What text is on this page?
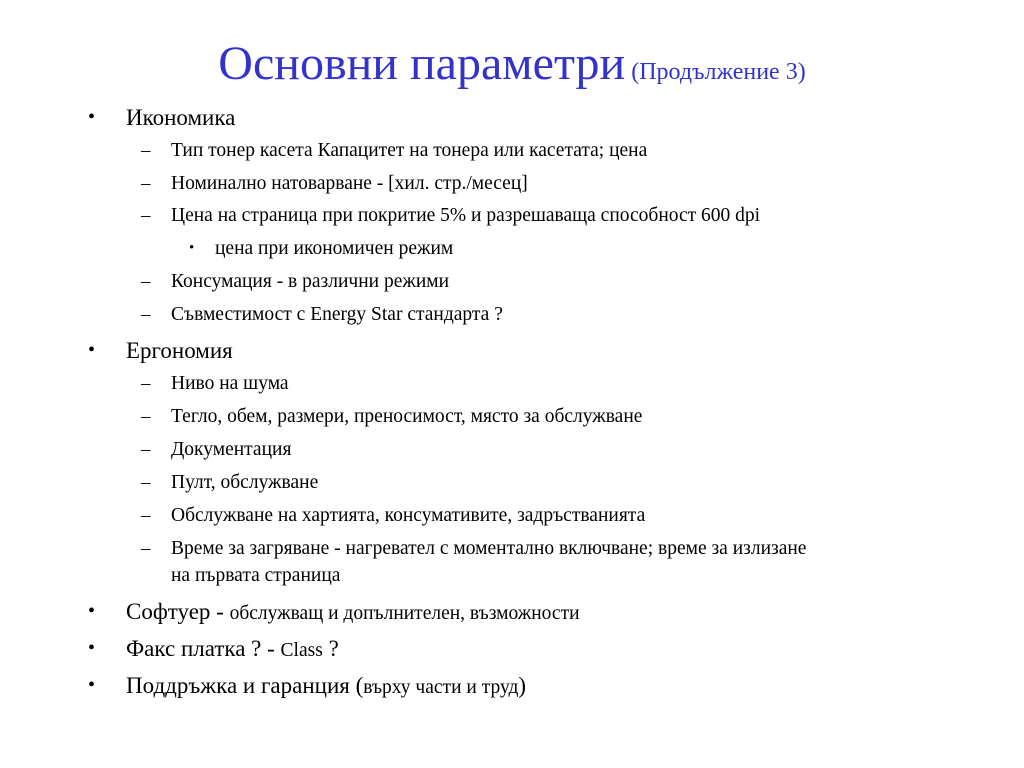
Основни параметри (Продължение 3)
• Икономика
– Тип тонер касета Капацитет на тонера или касетата; цена
– Номинално натоварване - [хил. стр./месец]
– Цена на страница при покритие 5% и разрешаваща способност 600 dpi
• цена при икономичен режим
– Консумация - в различни режими
– Съвместимост с Energy Star стандарта ?
• Ергономия
– Ниво на шума
– Тегло, обем, размери, преносимост, място за обслужване
– Документация
– Пулт, обслужване
– Обслужване на хартията, консумативите, задръстванията
– Време за загряване - нагревател с моментално включване; време за излизане
на първата страница
• Софтуер - обслужващ и допълнителен, възможности
• Факс платка ? - Class ?
• Поддръжка и гаранция (върху части и труд)
